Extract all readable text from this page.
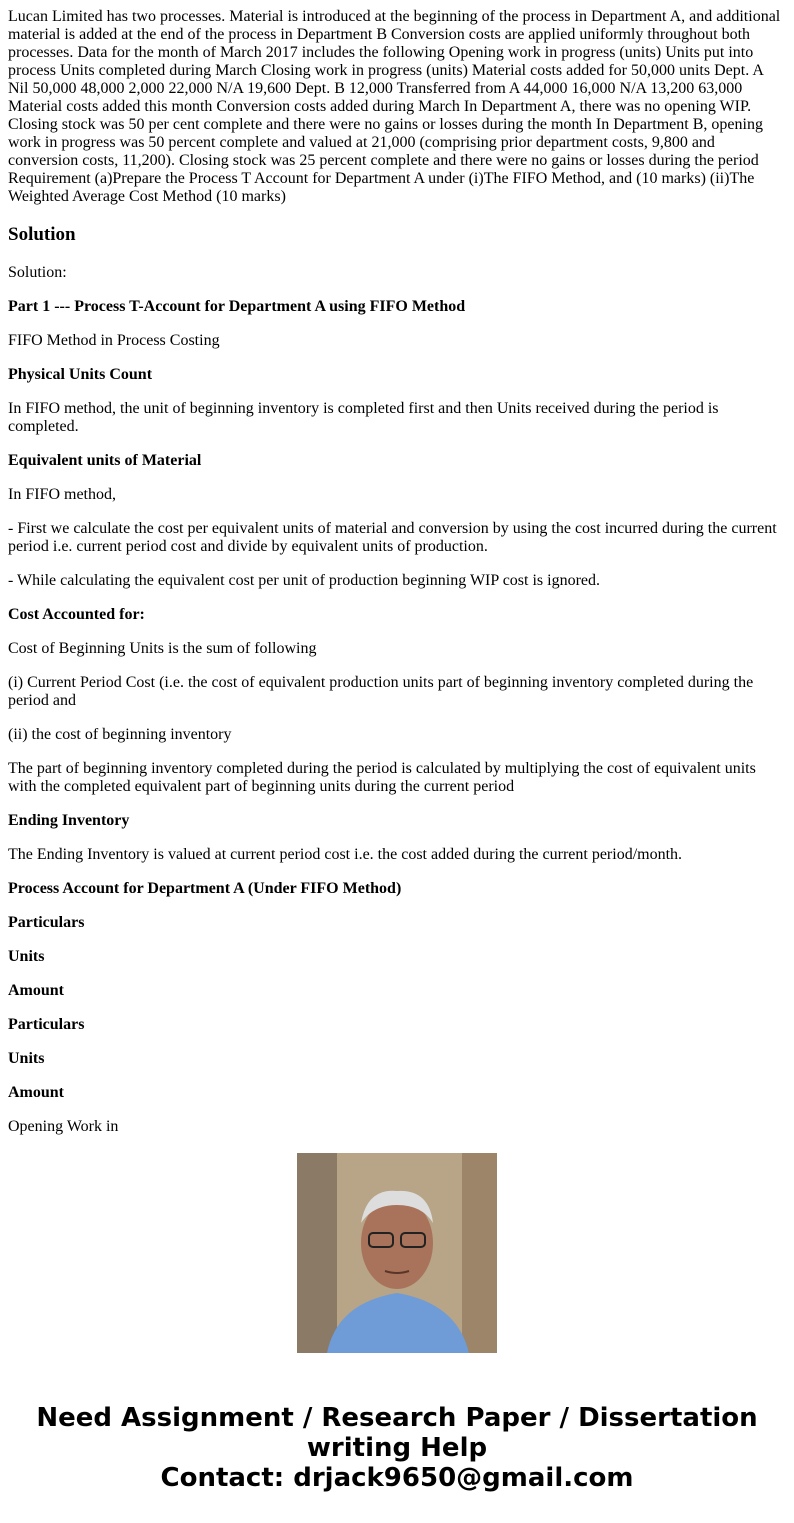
Lucan Limited has two processes. Material is introduced at the beginning of the process in Department A, and additional material is added at the end of the process in Department B Conversion costs are applied uniformly throughout both processes. Data for the month of March 2017 includes the following Opening work in progress (units) Units put into process Units completed during March Closing work in progress (units) Material costs added for 50,000 units Dept. A Nil 50,000 48,000 2,000 22,000 N/A 19,600 Dept. B 12,000 Transferred from A 44,000 16,000 N/A 13,200 63,000 Material costs added this month Conversion costs added during March In Department A, there was no opening WIP. Closing stock was 50 per cent complete and there were no gains or losses during the month In Department B, opening work in progress was 50 percent complete and valued at 21,000 (comprising prior department costs, 9,800 and conversion costs, 11,200). Closing stock was 25 percent complete and there were no gains or losses during the period Requirement (a)Prepare the Process T Account for Department A under (i)The FIFO Method, and (10 marks) (ii)The Weighted Average Cost Method (10 marks)

Solution

Solution:

Part 1 --- Process T-Account for Department A using FIFO Method

FIFO Method in Process Costing

Physical Units Count

In FIFO method, the unit of beginning inventory is completed first and then Units received during the period is completed.

Equivalent units of Material

In FIFO method,

- First we calculate the cost per equivalent units of material and conversion by using the cost incurred during the current period i.e. current period cost and divide by equivalent units of production.

- While calculating the equivalent cost per unit of production beginning WIP cost is ignored.

Cost Accounted for:

Cost of Beginning Units is the sum of following

(i) Current Period Cost (i.e. the cost of equivalent production units part of beginning inventory completed during the period and

(ii) the cost of beginning inventory

The part of beginning inventory completed during the period is calculated by multiplying the cost of equivalent units with the completed equivalent part of beginning units during the current period

Ending Inventory

The Ending Inventory is valued at current period cost i.e. the cost added during the current period/month.

Process Account for Department A (Under FIFO Method)

Particulars

Units

Amount

Particulars

Units

Amount

Opening Work in

Need Assignment / Research Paper / Dissertation writing Help
Contact: drjack9650@gmail.com
